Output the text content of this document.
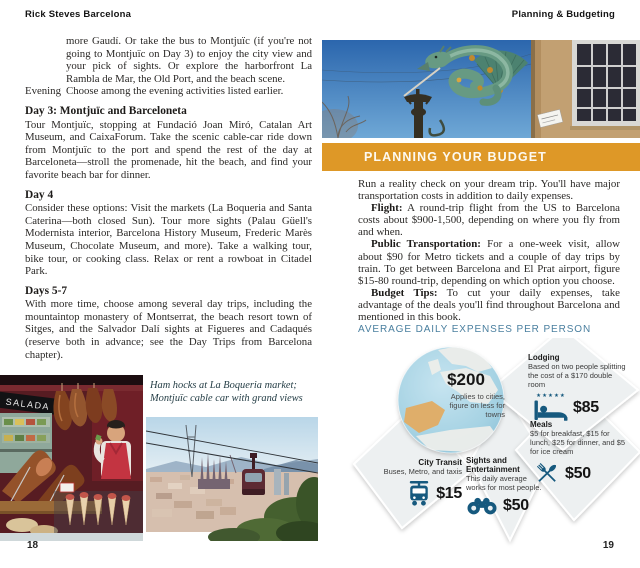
Rick Steves Barcelona
more Gaudí. Or take the bus to Montjuïc (if you're not going to Montjuïc on Day 3) to enjoy the city view and your pick of sights. Or explore the harborfront La Rambla de Mar, the Old Port, and the beach scene.
Evening Choose among the evening activities listed earlier.
Day 3: Montjuïc and Barceloneta

Tour Montjuïc, stopping at Fundació Joan Miró, Catalan Art Museum, and CaixaForum. Take the scenic cable-car ride down from Montjuïc to the port and spend the rest of the day at Barceloneta—stroll the promenade, hit the beach, and find your favorite beach bar for dinner.

Day 4

Consider these options: Visit the markets (La Boqueria and Santa Caterina—both closed Sun). Tour more sights (Palau Güell's Modernista interior, Barcelona History Museum, Frederic Marès Museum, Chocolate Museum, and more). Take a walking tour, bike tour, or cooking class. Relax or rent a rowboat in Citadel Park.

Days 5-7

With more time, choose among several day trips, including the mountaintop monastery of Montserrat, the beach resort town of Sitges, and the Salvador Dalí sights at Figueres and Cadaqués (reserve both in advance; see the Day Trips from Barcelona chapter).

SALADA
Ham hocks at La Boqueria market; Montjuïc cable car with grand views
18
Planning & Budgeting
PLANNING YOUR BUDGET

Run a reality check on your dream trip. You'll have major transportation costs in addition to daily expenses.

Flight: A round-trip flight from the US to Barcelona costs about $900-1,500, depending on where you fly from and when.

Public Transportation: For a one-week visit, allow about $90 for Metro tickets and a couple of day trips by train. To get between Barcelona and El Prat airport, figure $15-80 round-trip, depending on which option you choose.

Budget Tips: To cut your daily expenses, take advantage of the deals you'll find throughout Barcelona and mentioned in this book.

AVERAGE DAILY EXPENSES PER PERSON
$200
Applies to cities, figure on less for towns
Lodging
Based on two people splitting the cost of a $170 double room
★★★★★
$85
Meals
$5 for breakfast, $15 for lunch, $25 for dinner, and $5 for ice cream
$50
City Transit
Buses, Metro, and taxis
$15
Sights and Entertainment
This daily average works for most people.
$50
19
